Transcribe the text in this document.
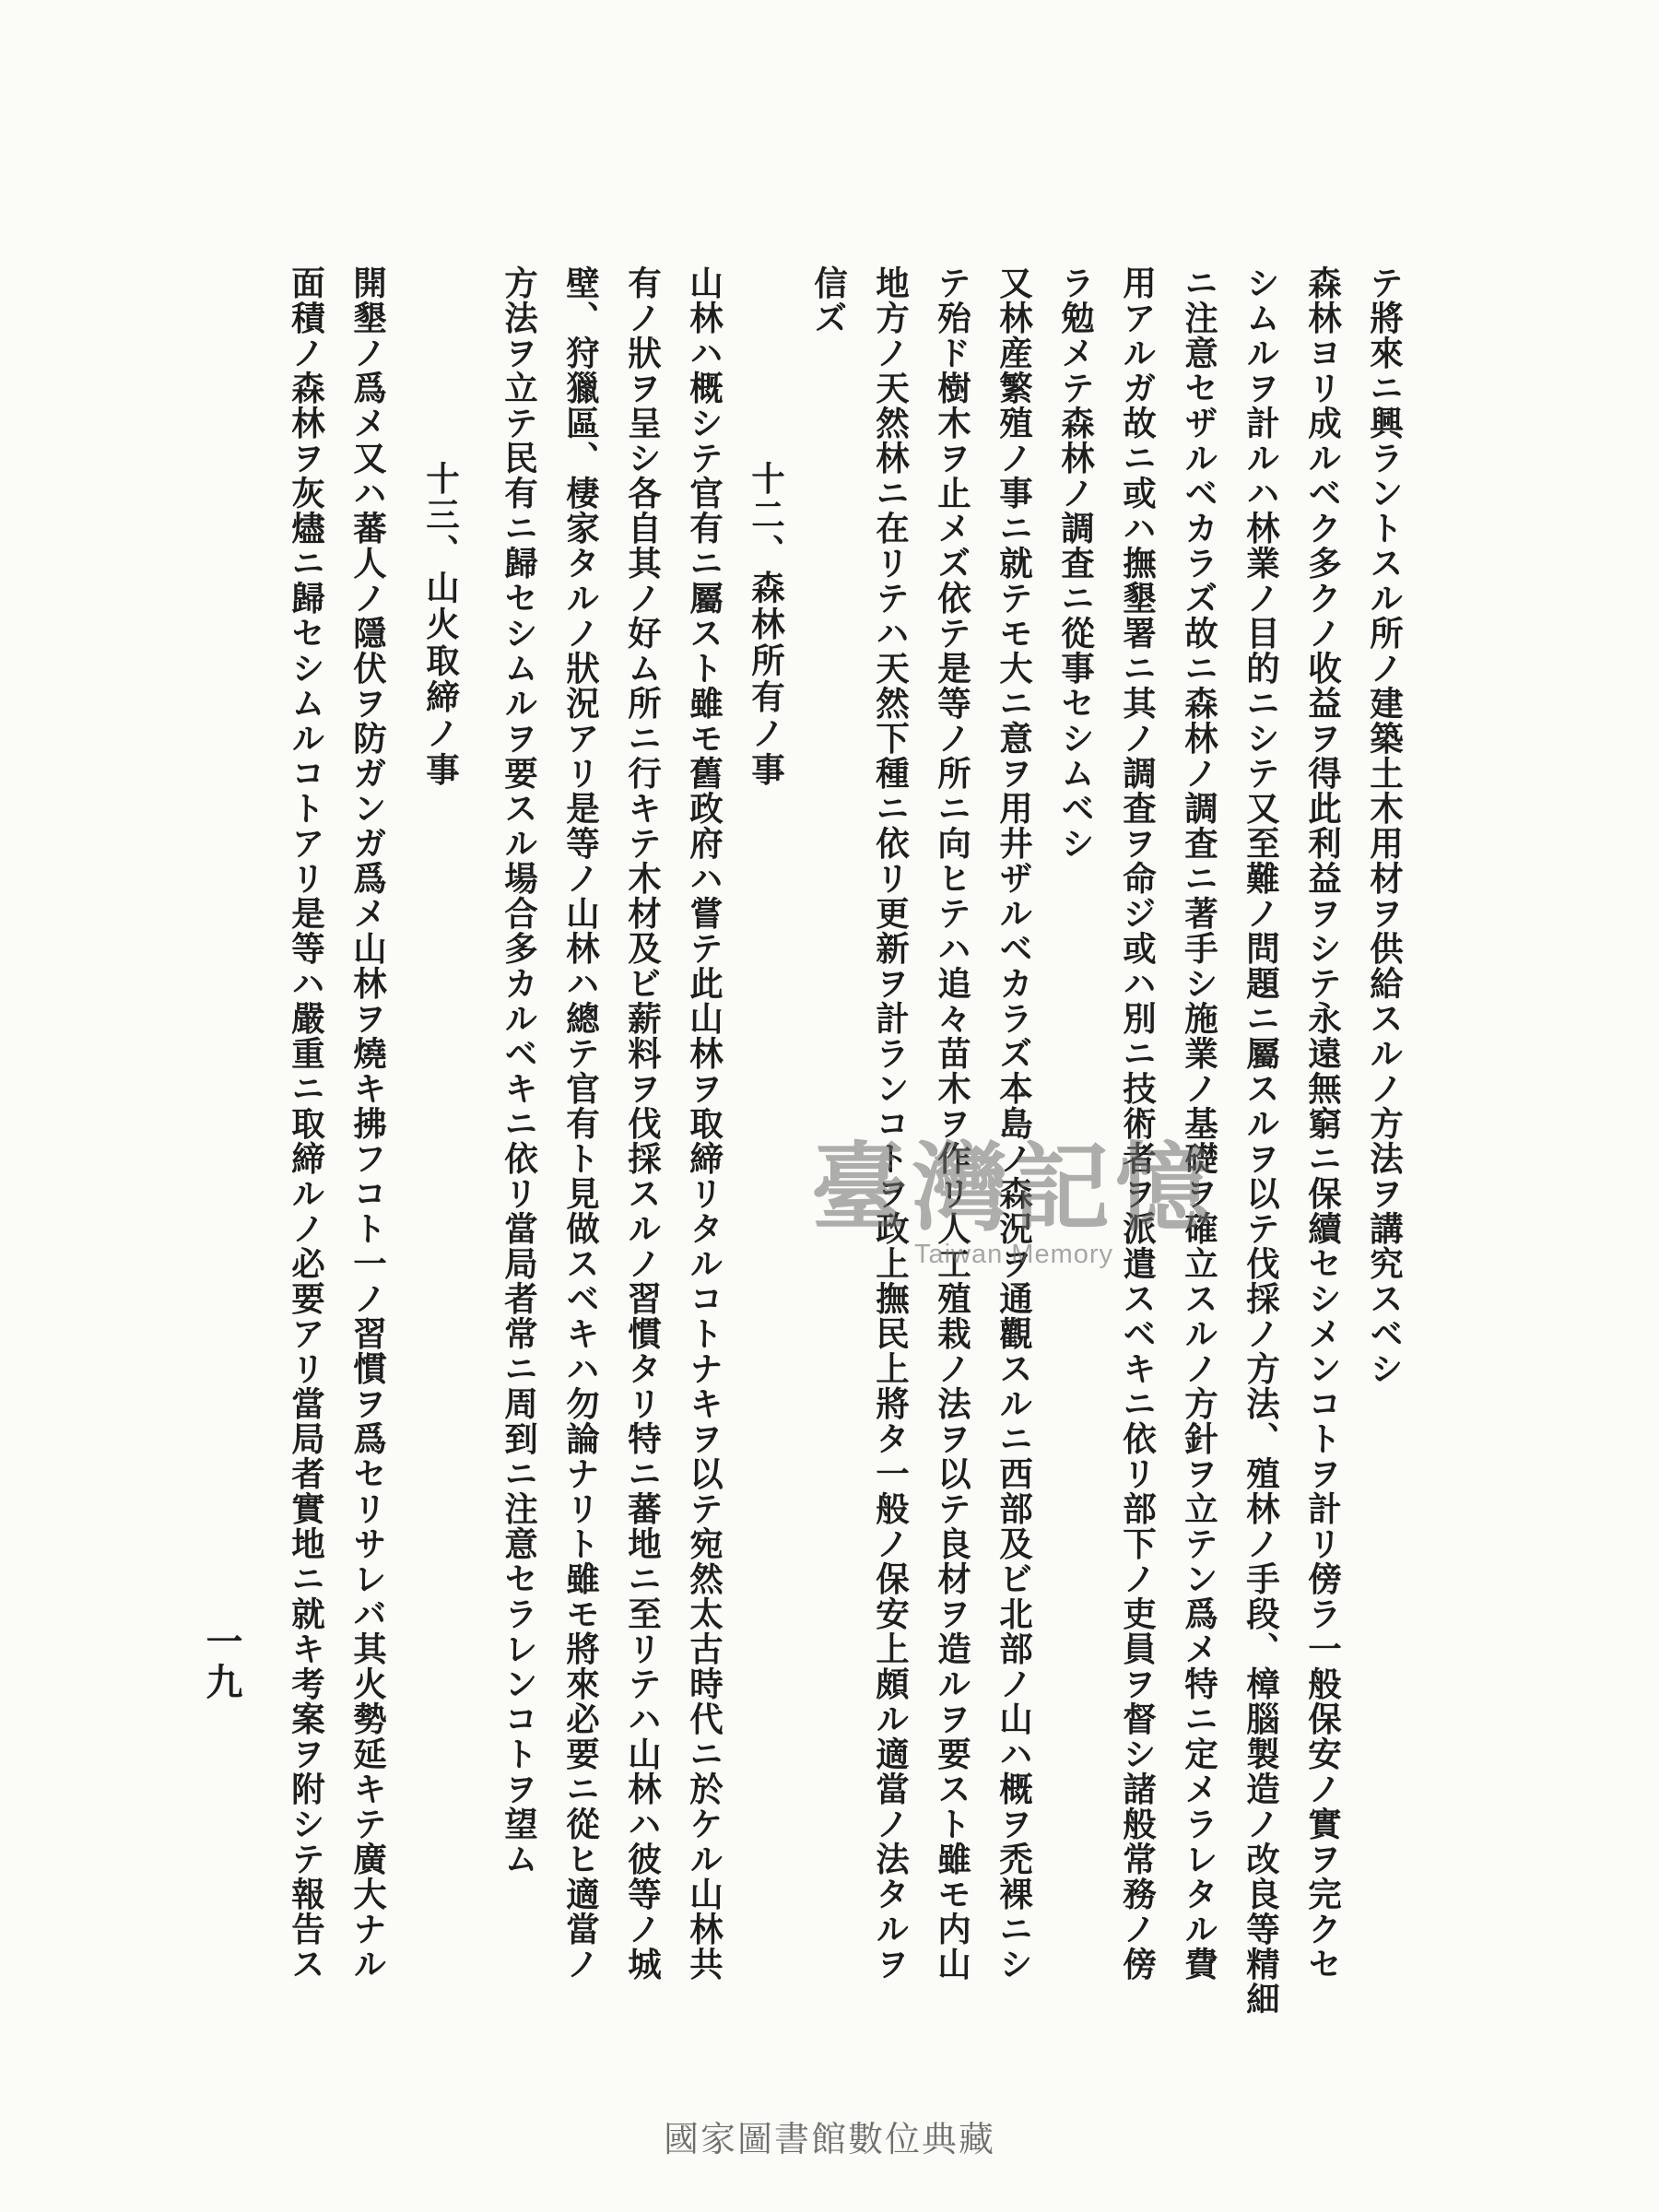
テ將來ニ興ラントスル所ノ建築土木用材ヲ供給スルノ方法ヲ講究スベシ
森林ヨリ成ルベク多クノ收益ヲ得此利益ヲシテ永遠無窮ニ保續セシメンコトヲ計リ傍ラ一般保安ノ實ヲ完クセ
シムルヲ計ルハ林業ノ目的ニシテ又至難ノ問題ニ屬スルヲ以テ伐採ノ方法、殖林ノ手段、樟腦製造ノ改良等精細
ニ注意セザルベカラズ故ニ森林ノ調査ニ著手シ施業ノ基礎ヲ確立スルノ方針ヲ立テン爲メ特ニ定メラレタル費
用アルガ故ニ或ハ撫墾署ニ其ノ調査ヲ命ジ或ハ別ニ技術者ヲ派遣スベキニ依リ部下ノ吏員ヲ督シ諸般常務ノ傍
ラ勉メテ森林ノ調査ニ從事セシムベシ
又林産繁殖ノ事ニ就テモ大ニ意ヲ用井ザルベカラズ本島ノ森況ヲ通觀スルニ西部及ビ北部ノ山ハ概ヲ禿裸ニシ
テ殆ド樹木ヲ止メズ依テ是等ノ所ニ向ヒテハ追々苗木ヲ作リ人工殖栽ノ法ヲ以テ良材ヲ造ルヲ要スト雖モ内山
地方ノ天然林ニ在リテハ天然下種ニ依リ更新ヲ計ランコトヲ政上撫民上將タ一般ノ保安上頗ル適當ノ法タルヲ
信ズ
十二、森林所有ノ事
山林ハ概シテ官有ニ屬スト雖モ舊政府ハ嘗テ此山林ヲ取締リタルコトナキヲ以テ宛然太古時代ニ於ケル山林共
有ノ狀ヲ呈シ各自其ノ好ム所ニ行キテ木材及ビ薪料ヲ伐採スルノ習慣タリ特ニ蕃地ニ至リテハ山林ハ彼等ノ城
壁、狩獵區、棲家タルノ狀況アリ是等ノ山林ハ總テ官有ト見做スベキハ勿論ナリト雖モ將來必要ニ從ヒ適當ノ
方法ヲ立テ民有ニ歸セシムルヲ要スル場合多カルベキニ依リ當局者常ニ周到ニ注意セラレンコトヲ望ム
十三、山火取締ノ事
開墾ノ爲メ又ハ蕃人ノ隱伏ヲ防ガンガ爲メ山林ヲ燒キ拂フコト一ノ習慣ヲ爲セリサレバ其火勢延キテ廣大ナル
面積ノ森林ヲ灰燼ニ歸セシムルコトアリ是等ハ嚴重ニ取締ルノ必要アリ當局者實地ニ就キ考案ヲ附シテ報告ス
一九
臺灣記憶
Taiwan Memory
國家圖書館數位典藏
